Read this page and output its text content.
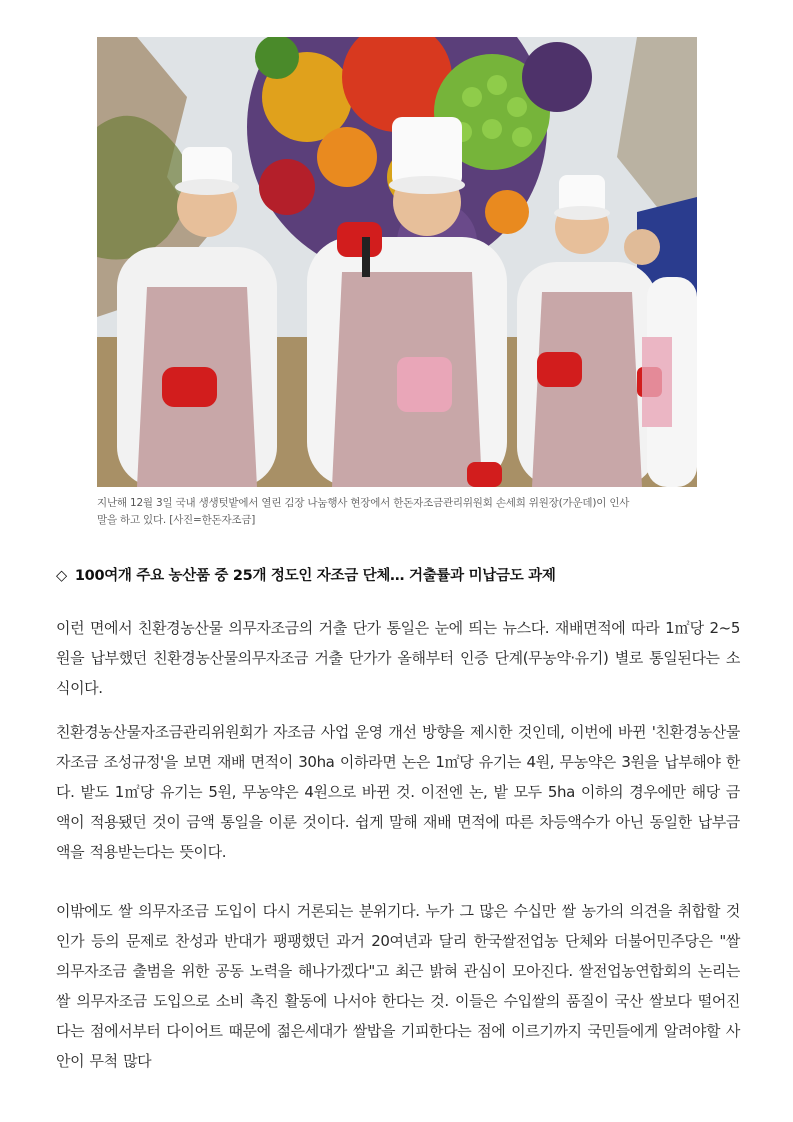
지난해 12월 3일 국내 생생텃밭에서 열린 김장 나눔행사 현장에서 한돈자조금관리위원회 손세희 위원장(가운데)이 인사
말을 하고 있다. [사진=한돈자조금]
◇ 100여개 주요 농산품 중 25개 정도인 자조금 단체… 거출률과 미납금도 과제

이런 면에서 친환경농산물 의무자조금의 거출 단가 통일은 눈에 띄는 뉴스다. 재배면적에 따라 1㎡당 2~5원을 납부했던 친환경농산물의무자조금 거출 단가가 올해부터 인증 단계(무농약·유기) 별로 통일된다는 소식이다.

친환경농산물자조금관리위원회가 자조금 사업 운영 개선 방향을 제시한 것인데, 이번에 바뀐 '친환경농산물자조금 조성규정'을 보면 재배 면적이 30ha 이하라면 논은 1㎡당 유기는 4원, 무농약은 3원을 납부해야 한다. 밭도 1㎡당 유기는 5원, 무농약은 4원으로 바뀐 것. 이전엔 논, 밭 모두 5ha 이하의 경우에만 해당 금액이 적용됐던 것이 금액 통일을 이룬 것이다. 쉽게 말해 재배 면적에 따른 차등액수가 아닌 동일한 납부금액을 적용받는다는 뜻이다.

이밖에도 쌀 의무자조금 도입이 다시 거론되는 분위기다. 누가 그 많은 수십만 쌀 농가의 의견을 취합할 것인가 등의 문제로 찬성과 반대가 팽팽했던 과거 20여년과 달리 한국쌀전업농 단체와 더불어민주당은 "쌀 의무자조금 출범을 위한 공동 노력을 해나가겠다"고 최근 밝혀 관심이 모아진다. 쌀전업농연합회의 논리는 쌀 의무자조금 도입으로 소비 촉진 활동에 나서야 한다는 것. 이들은 수입쌀의 품질이 국산 쌀보다 떨어진다는 점에서부터 다이어트 때문에 젊은세대가 쌀밥을 기피한다는 점에 이르기까지 국민들에게 알려야할 사안이 무척 많다
